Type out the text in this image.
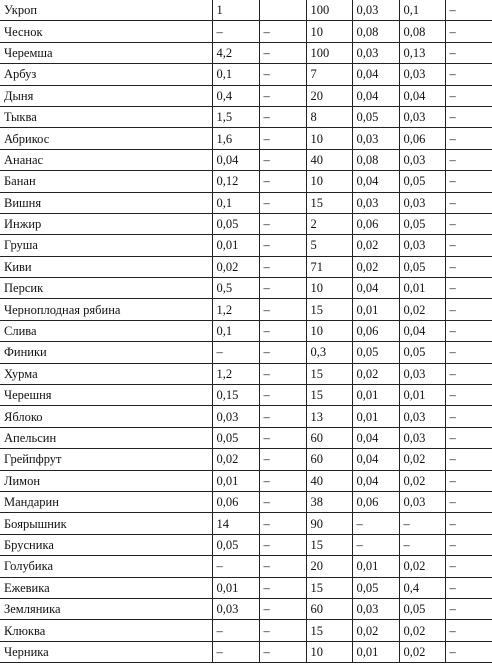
Укроп	1		100	0,03	0,1	–
Чеснок	–	–	10	0,08	0,08	–
Черемша	4,2	–	100	0,03	0,13	–
Арбуз	0,1	–	7	0,04	0,03	–
Дыня	0,4	–	20	0,04	0,04	–
Тыква	1,5	–	8	0,05	0,03	–
Абрикос	1,6	–	10	0,03	0,06	–
Ананас	0,04	–	40	0,08	0,03	–
Банан	0,12	–	10	0,04	0,05	–
Вишня	0,1	–	15	0,03	0,03	–
Инжир	0,05	–	2	0,06	0,05	–
Груша	0,01	–	5	0,02	0,03	–
Киви	0,02	–	71	0,02	0,05	–
Персик	0,5	–	10	0,04	0,01	–
Черноплодная рябина	1,2	–	15	0,01	0,02	–
Слива	0,1	–	10	0,06	0,04	–
Финики	–	–	0,3	0,05	0,05	–
Хурма	1,2	–	15	0,02	0,03	–
Черешня	0,15	–	15	0,01	0,01	–
Яблоко	0,03	–	13	0,01	0,03	–
Апельсин	0,05	–	60	0,04	0,03	–
Грейпфрут	0,02	–	60	0,04	0,02	–
Лимон	0,01	–	40	0,04	0,02	–
Мандарин	0,06	–	38	0,06	0,03	–
Боярышник	14	–	90	–	–	–
Брусника	0,05	–	15	–	–	–
Голубика	–	–	20	0,01	0,02	–
Ежевика	0,01	–	15	0,05	0,4	–
Земляника	0,03	–	60	0,03	0,05	–
Клюква	–	–	15	0,02	0,02	–
Черника	–	–	10	0,01	0,02	–
